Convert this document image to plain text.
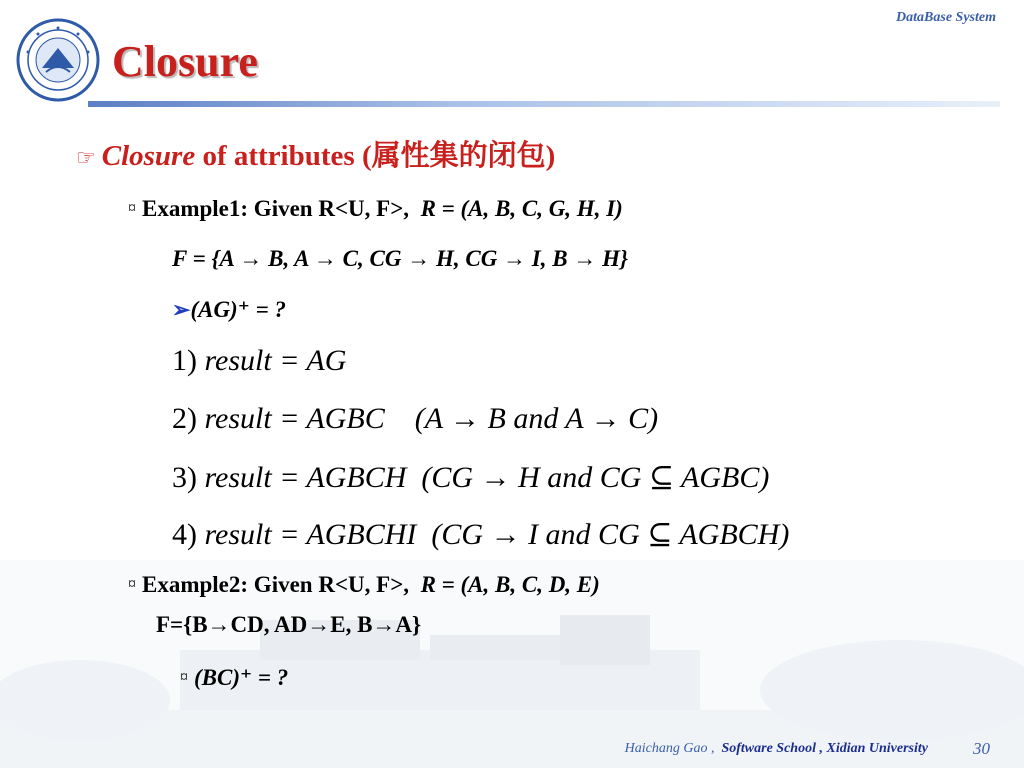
DataBase System
Closure
☞ Closure of attributes (属性集的闭包)
¤ Example1: Given R<U, F>, R = (A, B, C, G, H, I)
F = {A → B, A → C, CG → H, CG → I, B → H}
➢(AG)⁺ = ?
1) result = AG
2) result = AGBC (A → B and A → C)
3) result = AGBCH (CG → H and CG ⊆ AGBC)
4) result = AGBCHI (CG → I and CG ⊆ AGBCH)
¤ Example2: Given R<U, F>, R = (A, B, C, D, E)
F={B→CD, AD→E, B→A}
¤ (BC)⁺ = ?
Haichang Gao , Software School , Xidian University	30
